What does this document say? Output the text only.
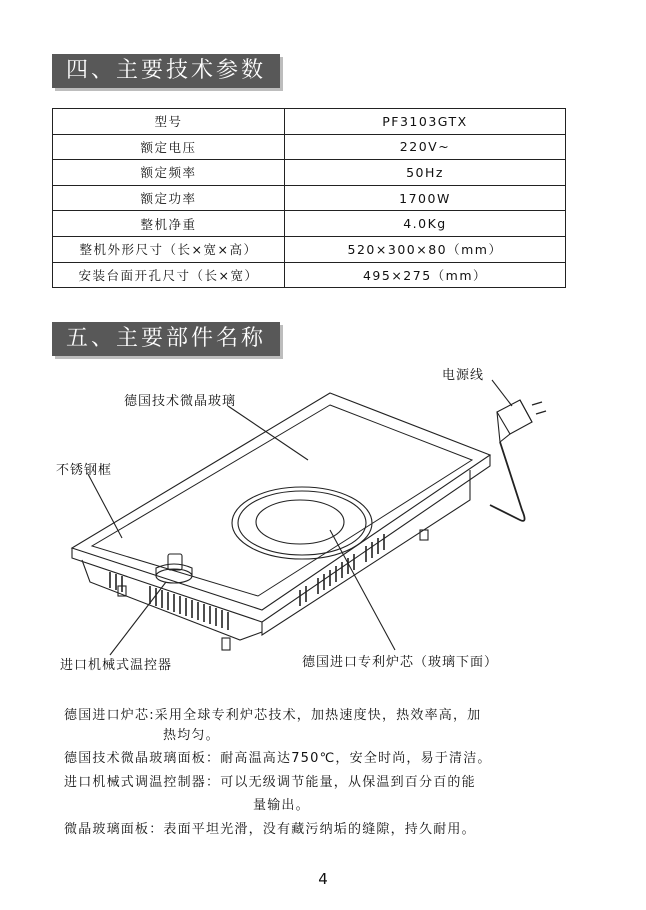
四、主要技术参数
型号	PF3103GTX
额定电压	220V~
额定频率	50Hz
额定功率	1700W
整机净重	4.0Kg
整机外形尺寸（长×宽×高）	520×300×80（mm）
安装台面开孔尺寸（长×宽）	495×275（mm）
五、主要部件名称
电源线
德国技术微晶玻璃
不锈钢框
进口机械式温控器	德国进口专利炉芯（玻璃下面）
德国进口炉芯:采用全球专利炉芯技术，加热速度快，热效率高，加
热均匀。
德国技术微晶玻璃面板：耐高温高达750℃，安全时尚，易于清洁。
进口机械式调温控制器：可以无级调节能量，从保温到百分百的能
量输出。
微晶玻璃面板：表面平坦光滑，没有藏污纳垢的缝隙，持久耐用。
4
